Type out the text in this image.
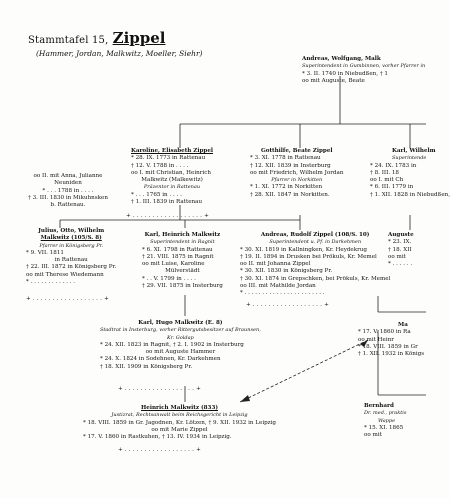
Stammtafel 15, Zippel
(Hammer, Jordan, Malkwitz, Moeller, Siehr)
Andreas, Wolfgang, Malk
Superintendent in Gumbinnen, vorher Pfarrer in
* 3. II. 1740 in Niebudßen, † 1
oo mit Auguste, Beate
oo II. mit Anna, Julianne
Neuniden
* . . . 1788 in . . . .
† 3. III. 1830 in Mikuhnsken
b. Rattenau.
Karoline, Elisabeth Zippel
* 28. IX. 1773 in Rattenau
† 12. V. 1788 in . . . .
oo I. mit Christian, Heinrich
Malkwitz (Malkewitz)
Präzentor in Rattenau
* . . . 1765 in . . . .
† 1. III. 1839 in Rattenau
Gotthilfe, Beate Zippel
* 3. XI. 1778 in Rattenau
† 12. XII. 1839 in Insterburg
oo mit Friedrich, Wilhelm Jordan
Pfarrer in Norkitten
* 1. XI. 1772 in Norkitten
† 28. XII. 1847 in Norkitten.
Karl, Wilhelm
Superintende
* 24. IX. 1783 in
† 8. III. 18
oo I. mit Ch
* 6. III. 1779 in
† 1. XII. 1828 in Niebudßen,
Julius, Otto, Wilhelm
Malkwitz (105/S. 8)
Pfarrer in Königsberg Pr.
* 9. VII. 1811
in Rattenau
† 22. III. 1872 in Königsberg Pr.
oo mit Therese Wiedemann
* . . . . . . . . . . . . .
Karl, Heinrich Malkwitz
Superintendent in Ragnit
* 6. XI. 1798 in Rattenau
† 21. VIII. 1875 in Ragnit
oo mit Luise, Karoline
Mülverstädt
* . . V. 1799 in . . . .
† 29. VII. 1875 in Insterburg
Andreas, Rudolf Zippel (108/S. 10)
Superintendent u. Pf. in Darkehmen
* 30. XI. 1819 in Kallningken, Kr. Heydekrug
† 19. II. 1894 in Drusken bei Prökuls, Kr. Memel
oo II. mit Johanna Zippel
* 30. XII. 1830 in Königsberg Pr.
† 30. XI. 1874 in Grepschken, bei Prökuls, Kr. Memel
oo III. mit Mathilde Jordan
* . . . . . . . . . . . . . . . . . . . . . . .
Auguste
* 23. IX.
† 18. XII
oo mit
* . . . . . .
Karl, Hugo Malkwitz (E. 8)
Stadtrat in Insterburg, vorher Rittergutsbesitzer auf Braunsen,
Kr. Goldap
* 24. XII. 1823 in Ragnit, † 2. I. 1902 in Insterburg
oo mit Auguste Hammer
* 24. X. 1824 in Sodehnen, Kr. Darkehmen
† 18. XII. 1909 in Königsberg Pr.
Ma
* 17. V. 1860 in Ra
oo mit Heinr
* 18. VIII. 1859 in Gr
† 1. XII. 1932 in Königs
Heinrich Malkwitz (833)
Justizrat, Rechtsanwalt beim Reichsgericht in Leipzig
* 18. VIII. 1859 in Gr. Jagodnen, Kr. Lötzen, † 9. XII. 1932 in Leipzig
oo mit Marie Zippel
* 17. V. 1860 in Rastkuhen, † 13. IV. 1934 in Leipzig.
Bernhard
Dr. med., praktis
Wappe
* 15. XI. 1865
oo mit
+ . . . . . . . . . . . . . . . . . . +
+ . . . . . . . . . . . . . . . . . . +
+ . . . . . . . . . . . . . . . . . . +
+ . . . . . . . . . . . . . . . . . . +
+ . . . . . . . . . . . . . . . . . . +
